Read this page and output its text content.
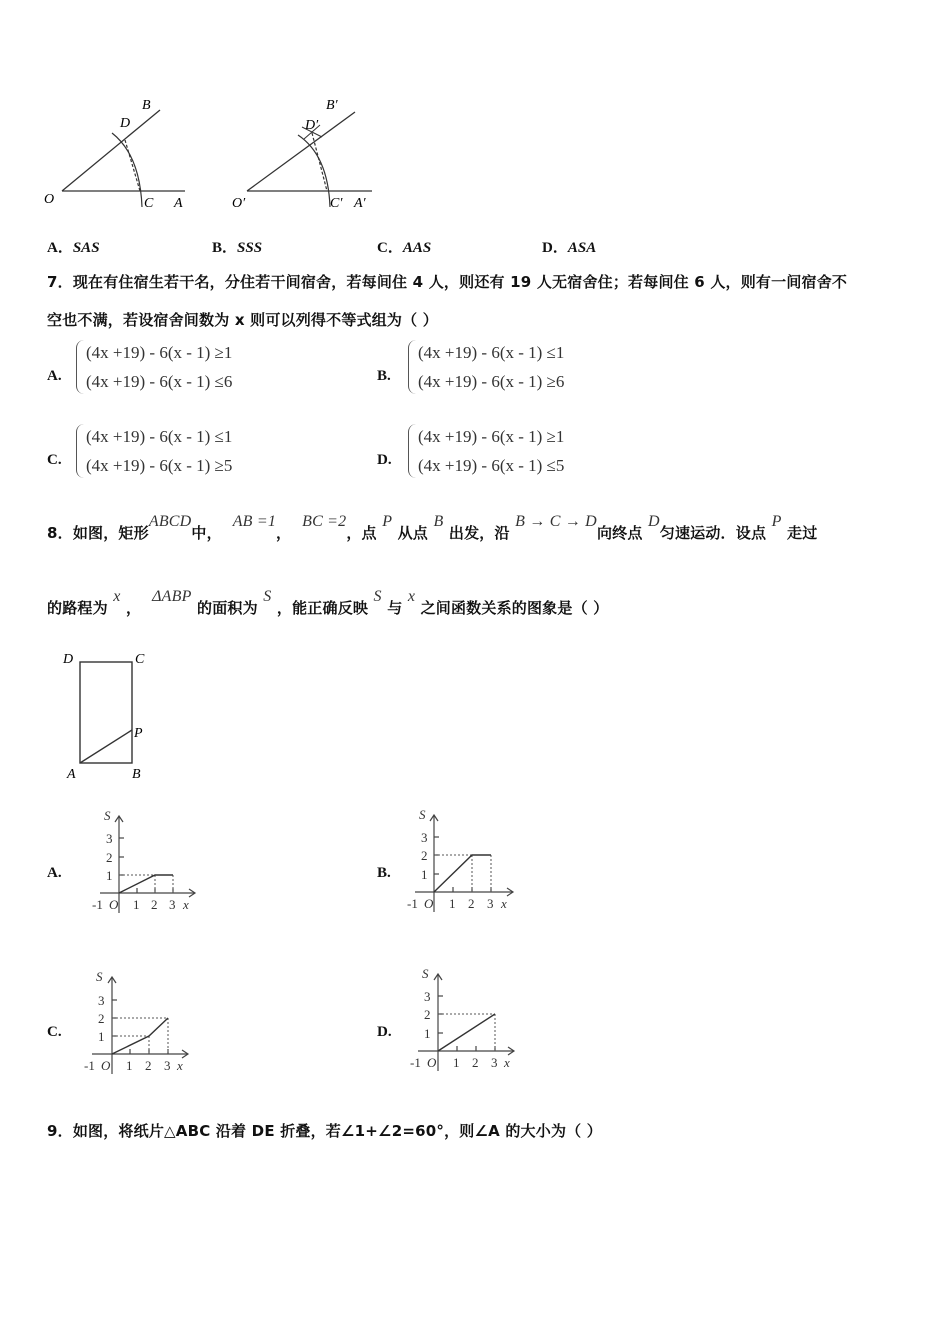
O	C A
B
D
O′	C′ A′
B′
D′
A．SAS	B．SSS	C．AAS	D．ASA
7．现在有住宿生若干名，分住若干间宿舍，若每间住 4 人，则还有 19 人无宿舍住；若每间住 6 人，则有一间宿舍不
空也不满，若设宿舍间数为 x 则可以列得不等式组为（ ）
A.
(4x +19) - 6(x - 1) ≥1
(4x +19) - 6(x - 1) ≤6	B.
(4x +19) - 6(x - 1) ≤1
(4x +19) - 6(x - 1) ≥6
C.
(4x +19) - 6(x - 1) ≤1
(4x +19) - 6(x - 1) ≥5	D.
(4x +19) - 6(x - 1) ≥1
(4x +19) - 6(x - 1) ≤5
8．如图，矩形ABCD中，  AB =1，  BC =2，点 P 从点 B 出发，沿 B → C → D向终点 D匀速运动．设点 P 走过
的路程为 x ，  ΔABP 的面积为 S ，能正确反映 S 与 x 之间函数关系的图象是（ ）
D	C
P
A	B
A.
S
3
2
1
-1 O 1 2 3 x
B.
S
3
2
1
-1 O 1 2 3 x
C.
S
3
2
1
-1 O 1 2 3 x
D.
S
3
2
1
-1 O 1 2 3 x
9．如图，将纸片△ABC 沿着 DE 折叠，若∠1+∠2=60°，则∠A 的大小为（ ）
